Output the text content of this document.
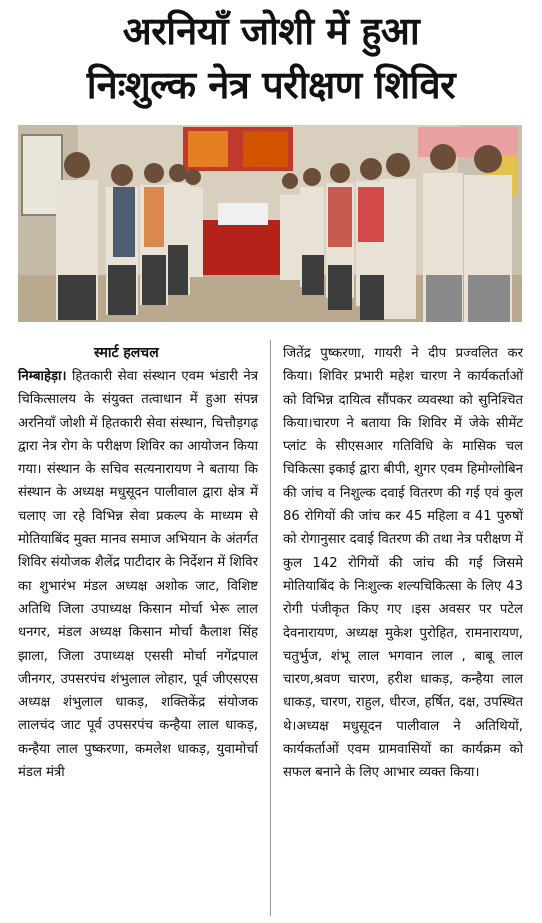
अरनियाँ जोशी में हुआ
निःशुल्क नेत्र परीक्षण शिविर
स्मार्ट हलचल

निम्बाहेड़ा। हितकारी सेवा संस्थान एवम भंडारी नेत्र चिकित्सालय के संयुक्त तत्वाधान में हुआ संपन्न अरनियाँ जोशी में हितकारी सेवा संस्थान, चित्तौड़गढ़ द्वारा नेत्र रोग के परीक्षण शिविर का आयोजन किया गया। संस्थान के सचिव सत्यनारायण ने बताया कि संस्थान के अध्यक्ष मधुसूदन पालीवाल द्वारा क्षेत्र में चलाए जा रहे विभिन्न सेवा प्रकल्प के माध्यम से मोतियाबिंद मुक्त मानव समाज अभियान के अंतर्गत शिविर संयोजक शैलेंद्र पाटीदार के निर्देशन में शिविर का शुभारंभ मंडल अध्यक्ष अशोक जाट, विशिष्ट अतिथि जिला उपाध्यक्ष किसान मोर्चा भेरू लाल धनगर, मंडल अध्यक्ष किसान मोर्चा कैलाश सिंह झाला, जिला उपाध्यक्ष एससी मोर्चा नगेंद्रपाल जीनगर, उपसरपंच शंभुलाल लोहार, पूर्व जीएसएस अध्यक्ष शंभुलाल धाकड़, शक्तिकेंद्र संयोजक लालचंद जाट पूर्व उपसरपंच कन्हैया लाल धाकड़, कन्हैया लाल पुष्करणा, कमलेश धाकड़, युवामोर्चा मंडल मंत्री

जितेंद्र पुष्करणा, गायरी ने दीप प्रज्वलित कर किया। शिविर प्रभारी महेश चारण ने कार्यकर्ताओं को विभिन्न दायित्व सौंपकर व्यवस्था को सुनिश्चित किया।चारण ने बताया कि शिविर में जेके सीमेंट प्लांट के सीएसआर गतिविधि के मासिक चल चिकित्सा इकाई द्वारा बीपी, शुगर एवम हिमोग्लोबिन की जांच व निशुल्क दवाई वितरण की गई एवं कुल 86 रोगियों की जांच कर 45 महिला व 41 पुरुषों को रोगानुसार दवाई वितरण की तथा नेत्र परीक्षण में कुल 142 रोगियों की जांच की गई जिसमे मोतियाबिंद के निःशुल्क शल्यचिकित्सा के लिए 43 रोगी पंजीकृत किए गए ।इस अवसर पर पटेल देवनारायण, अध्यक्ष मुकेश पुरोहित, रामनारायण, चतुर्भुज, शंभू लाल भगवान लाल , बाबू लाल चारण,श्रवण चारण, हरीश धाकड़, कन्हैया लाल धाकड़, चारण, राहुल, धीरज, हर्षित, दक्ष, उपस्थित थे।अध्यक्ष मधुसूदन पालीवाल ने अतिथियों, कार्यकर्ताओं एवम ग्रामवासियों का कार्यक्रम को सफल बनाने के लिए आभार व्यक्त किया।
